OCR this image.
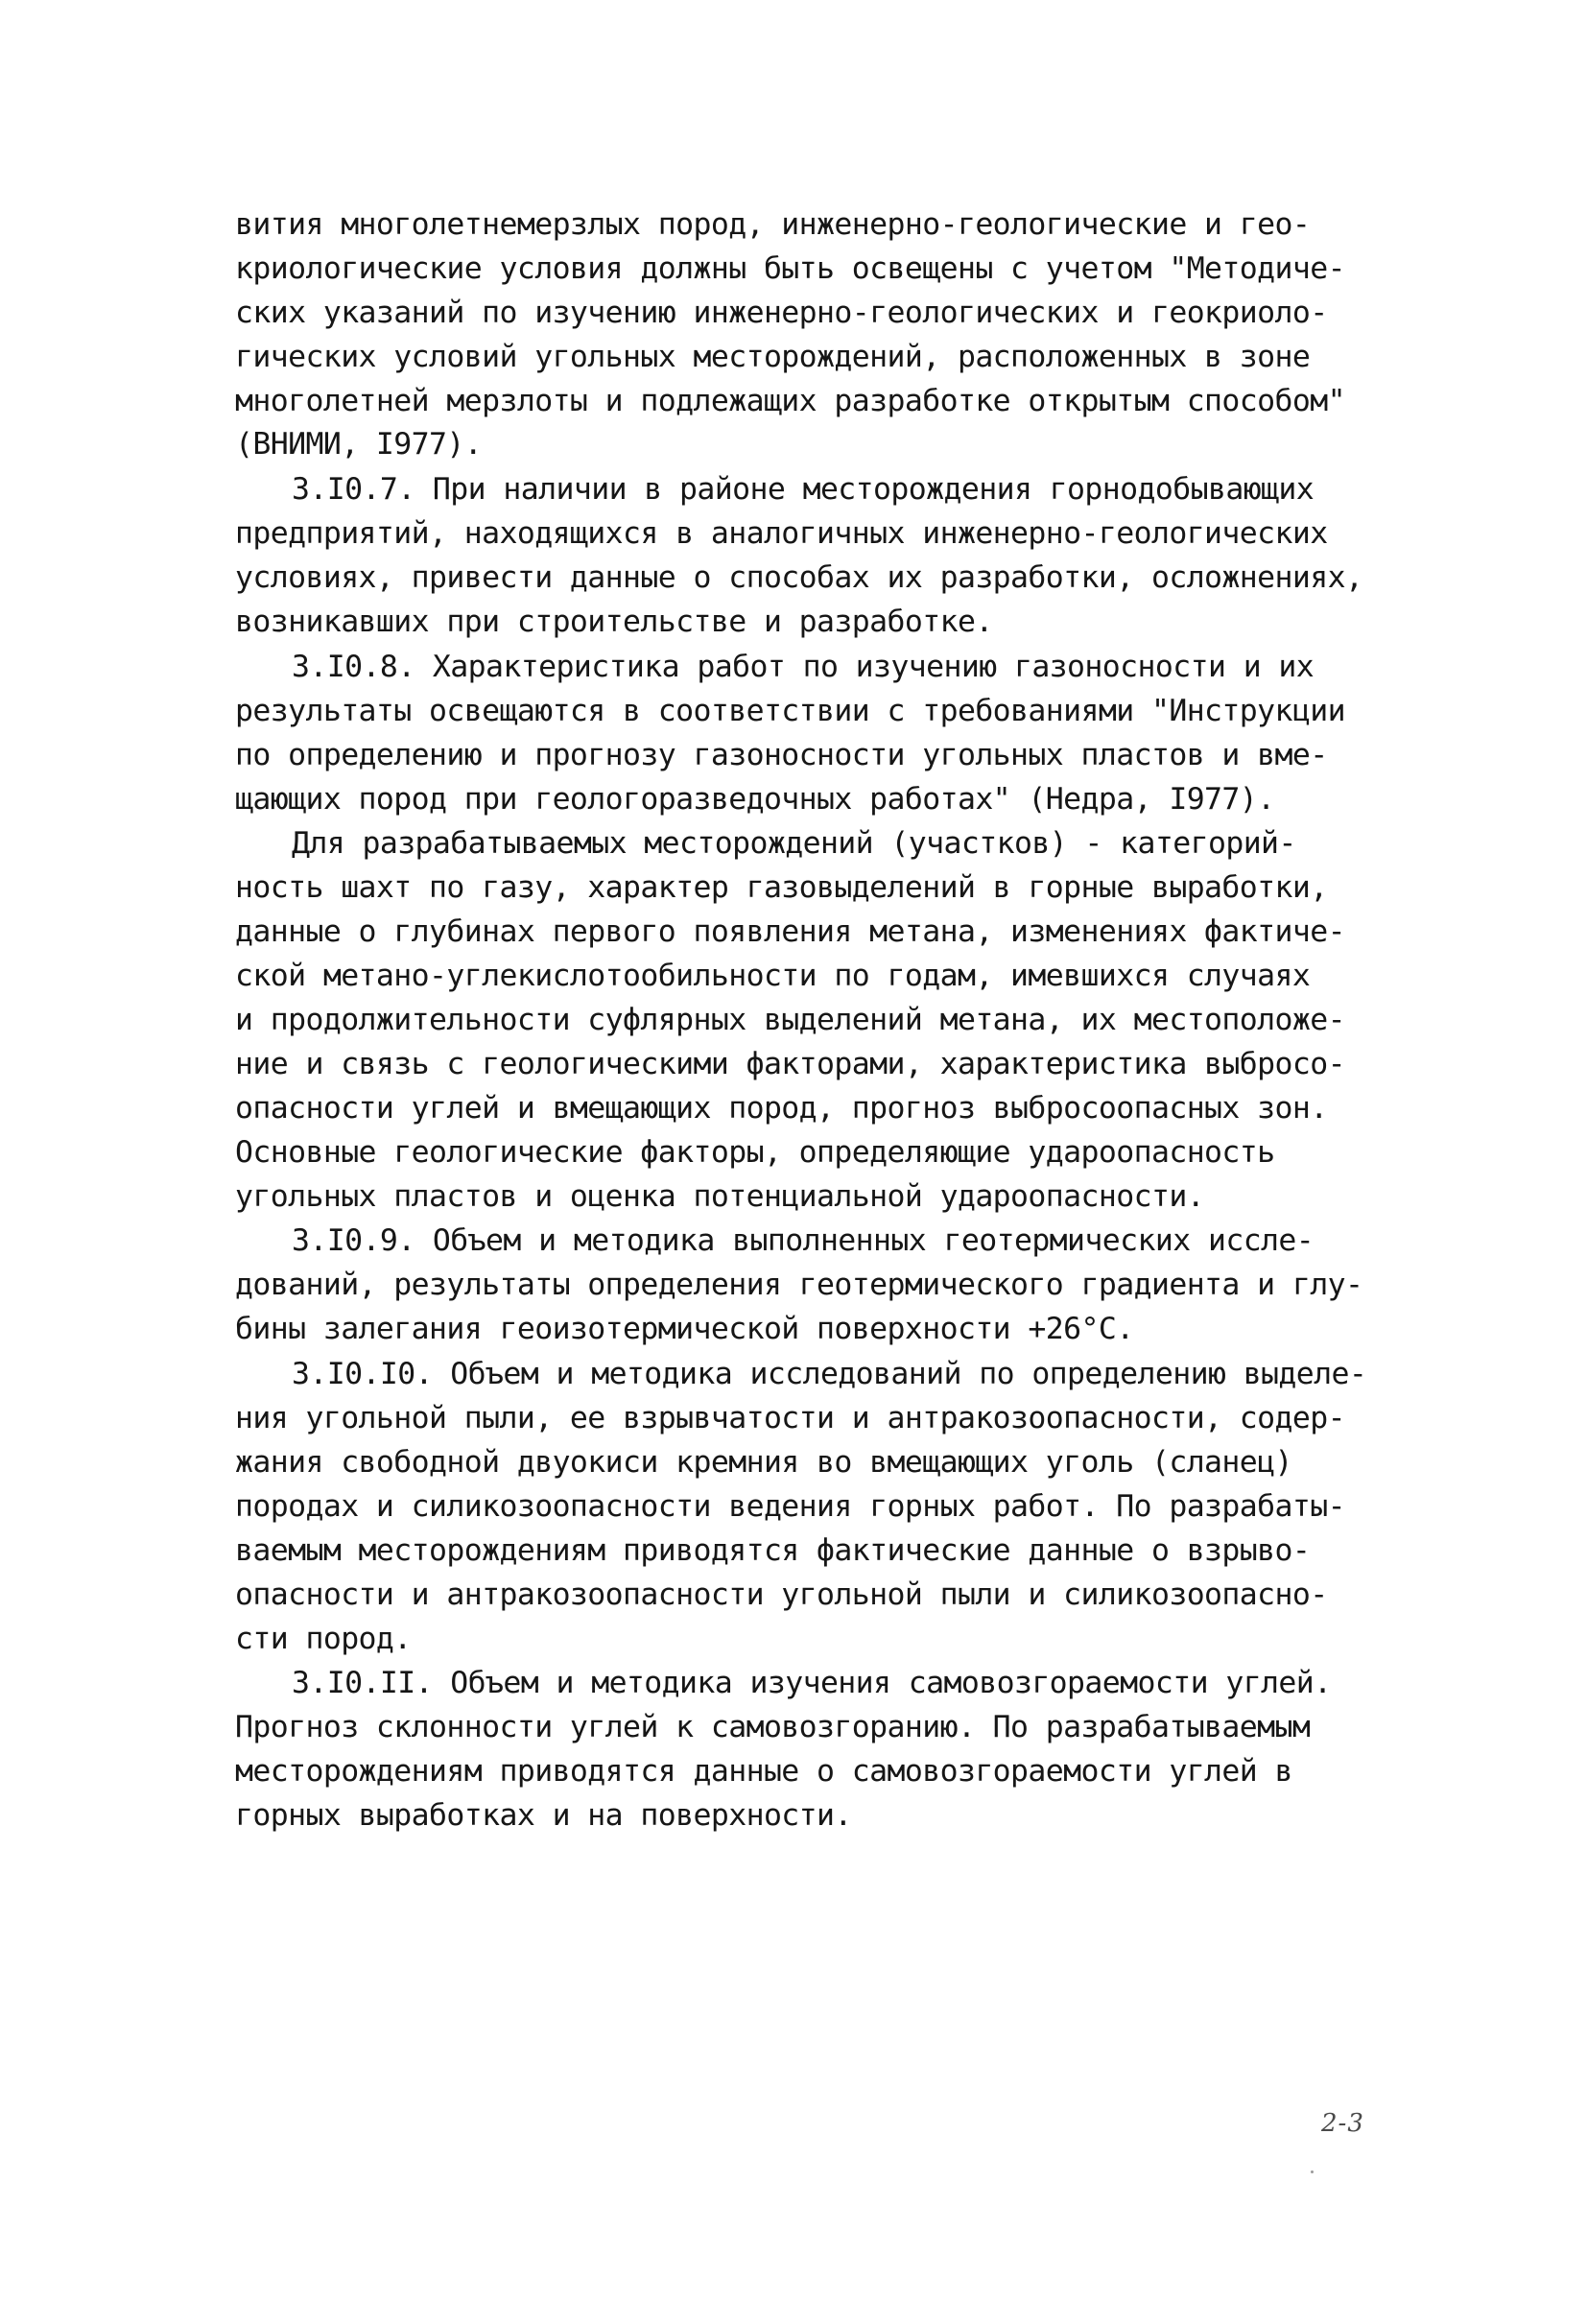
вития многолетнемерзлых пород, инженерно-геологические и гео-
криологические условия должны быть освещены с учетом "Методиче-
ских указаний по изучению инженерно-геологических и геокриоло-
гических условий угольных месторождений, расположенных в зоне
многолетней мерзлоты и подлежащих разработке открытым способом"
(ВНИМИ, I977).
3.I0.7. При наличии в районе месторождения горнодобывающих
предприятий, находящихся в аналогичных инженерно-геологических
условиях, привести данные о способах их разработки, осложнениях,
возникавших при строительстве и разработке.
3.I0.8. Характеристика работ по изучению газоносности и их
результаты освещаются в соответствии с требованиями "Инструкции
по определению и прогнозу газоносности угольных пластов и вме-
щающих пород при геологоразведочных работах" (Недра, I977).
Для разрабатываемых месторождений (участков) - категорий-
ность шахт по газу, характер газовыделений в горные выработки,
данные о глубинах первого появления метана, изменениях фактиче-
ской метано-углекислотообильности по годам, имевшихся случаях
и продолжительности суфлярных выделений метана, их местоположе-
ние и связь с геологическими факторами, характеристика выбросо-
опасности углей и вмещающих пород, прогноз выбросоопасных зон.
Основные геологические факторы, определяющие удароопасность
угольных пластов и оценка потенциальной удароопасности.
3.I0.9. Объем и методика выполненных геотермических иссле-
дований, результаты определения геотермического градиента и глу-
бины залегания геоизотермической поверхности +26°С.
3.I0.I0. Объем и методика исследований по определению выделе-
ния угольной пыли, ее взрывчатости и антракозоопасности, содер-
жания свободной двуокиси кремния во вмещающих уголь (сланец)
породах и силикозоопасности ведения горных работ. По разрабаты-
ваемым месторождениям приводятся фактические данные о взрыво-
опасности и антракозоопасности угольной пыли и силикозоопасно-
сти пород.
3.I0.II. Объем и методика изучения самовозгораемости углей.
Прогноз склонности углей к самовозгоранию. По разрабатываемым
месторождениям приводятся данные о самовозгораемости углей в
горных выработках и на поверхности.
2-3
